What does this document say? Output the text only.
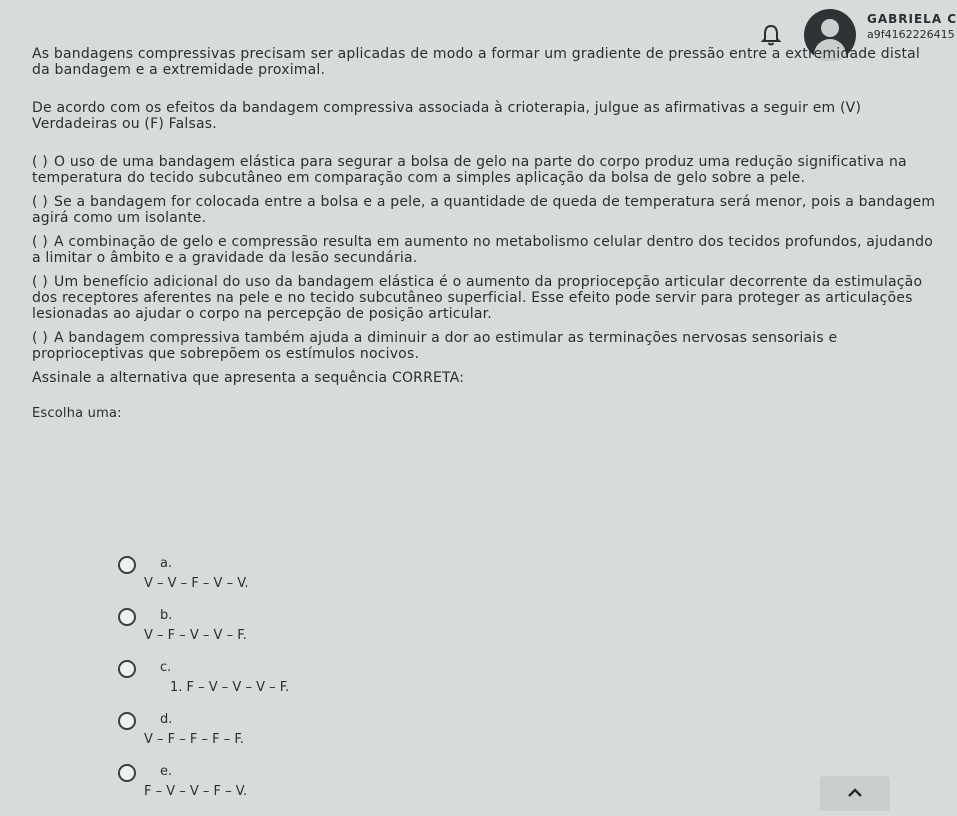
GABRIELA C
a9f4162226415

As bandagens compressivas precisam ser aplicadas de modo a formar um gradiente de pressão entre a extremidade distal da bandagem e a extremidade proximal.

De acordo com os efeitos da bandagem compressiva associada à crioterapia, julgue as afirmativas a seguir em (V) Verdadeiras ou (F) Falsas.

( ) O uso de uma bandagem elástica para segurar a bolsa de gelo na parte do corpo produz uma redução significativa na temperatura do tecido subcutâneo em comparação com a simples aplicação da bolsa de gelo sobre a pele.

( ) Se a bandagem for colocada entre a bolsa e a pele, a quantidade de queda de temperatura será menor, pois a bandagem agirá como um isolante.

( ) A combinação de gelo e compressão resulta em aumento no metabolismo celular dentro dos tecidos profundos, ajudando a limitar o âmbito e a gravidade da lesão secundária.

( ) Um benefício adicional do uso da bandagem elástica é o aumento da propriocepção articular decorrente da estimulação dos receptores aferentes na pele e no tecido subcutâneo superficial. Esse efeito pode servir para proteger as articulações lesionadas ao ajudar o corpo na percepção de posição articular.

( ) A bandagem compressiva também ajuda a diminuir a dor ao estimular as terminações nervosas sensoriais e proprioceptivas que sobrepõem os estímulos nocivos.

Assinale a alternativa que apresenta a sequência CORRETA:

Escolha uma:

a.
V – V – F – V – V.
b.
V – F – V – V – F.
c.
1. F – V – V – V – F.
d.
V – F – F – F – F.
e.
F – V – V – F – V.
